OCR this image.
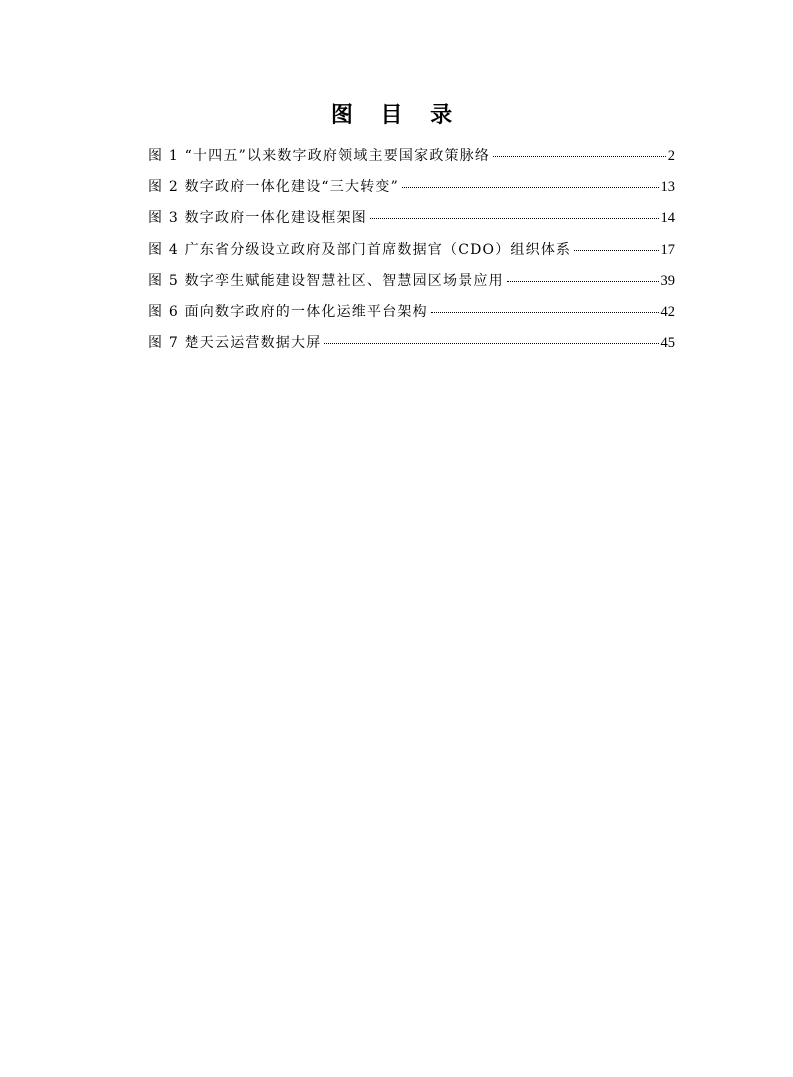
图 目 录
图 1 “十四五”以来数字政府领域主要国家政策脉络	2
图 2 数字政府一体化建设“三大转变”	13
图 3 数字政府一体化建设框架图	14
图 4 广东省分级设立政府及部门首席数据官（CDO）组织体系	17
图 5 数字孪生赋能建设智慧社区、智慧园区场景应用	39
图 6 面向数字政府的一体化运维平台架构	42
图 7 楚天云运营数据大屏	45
